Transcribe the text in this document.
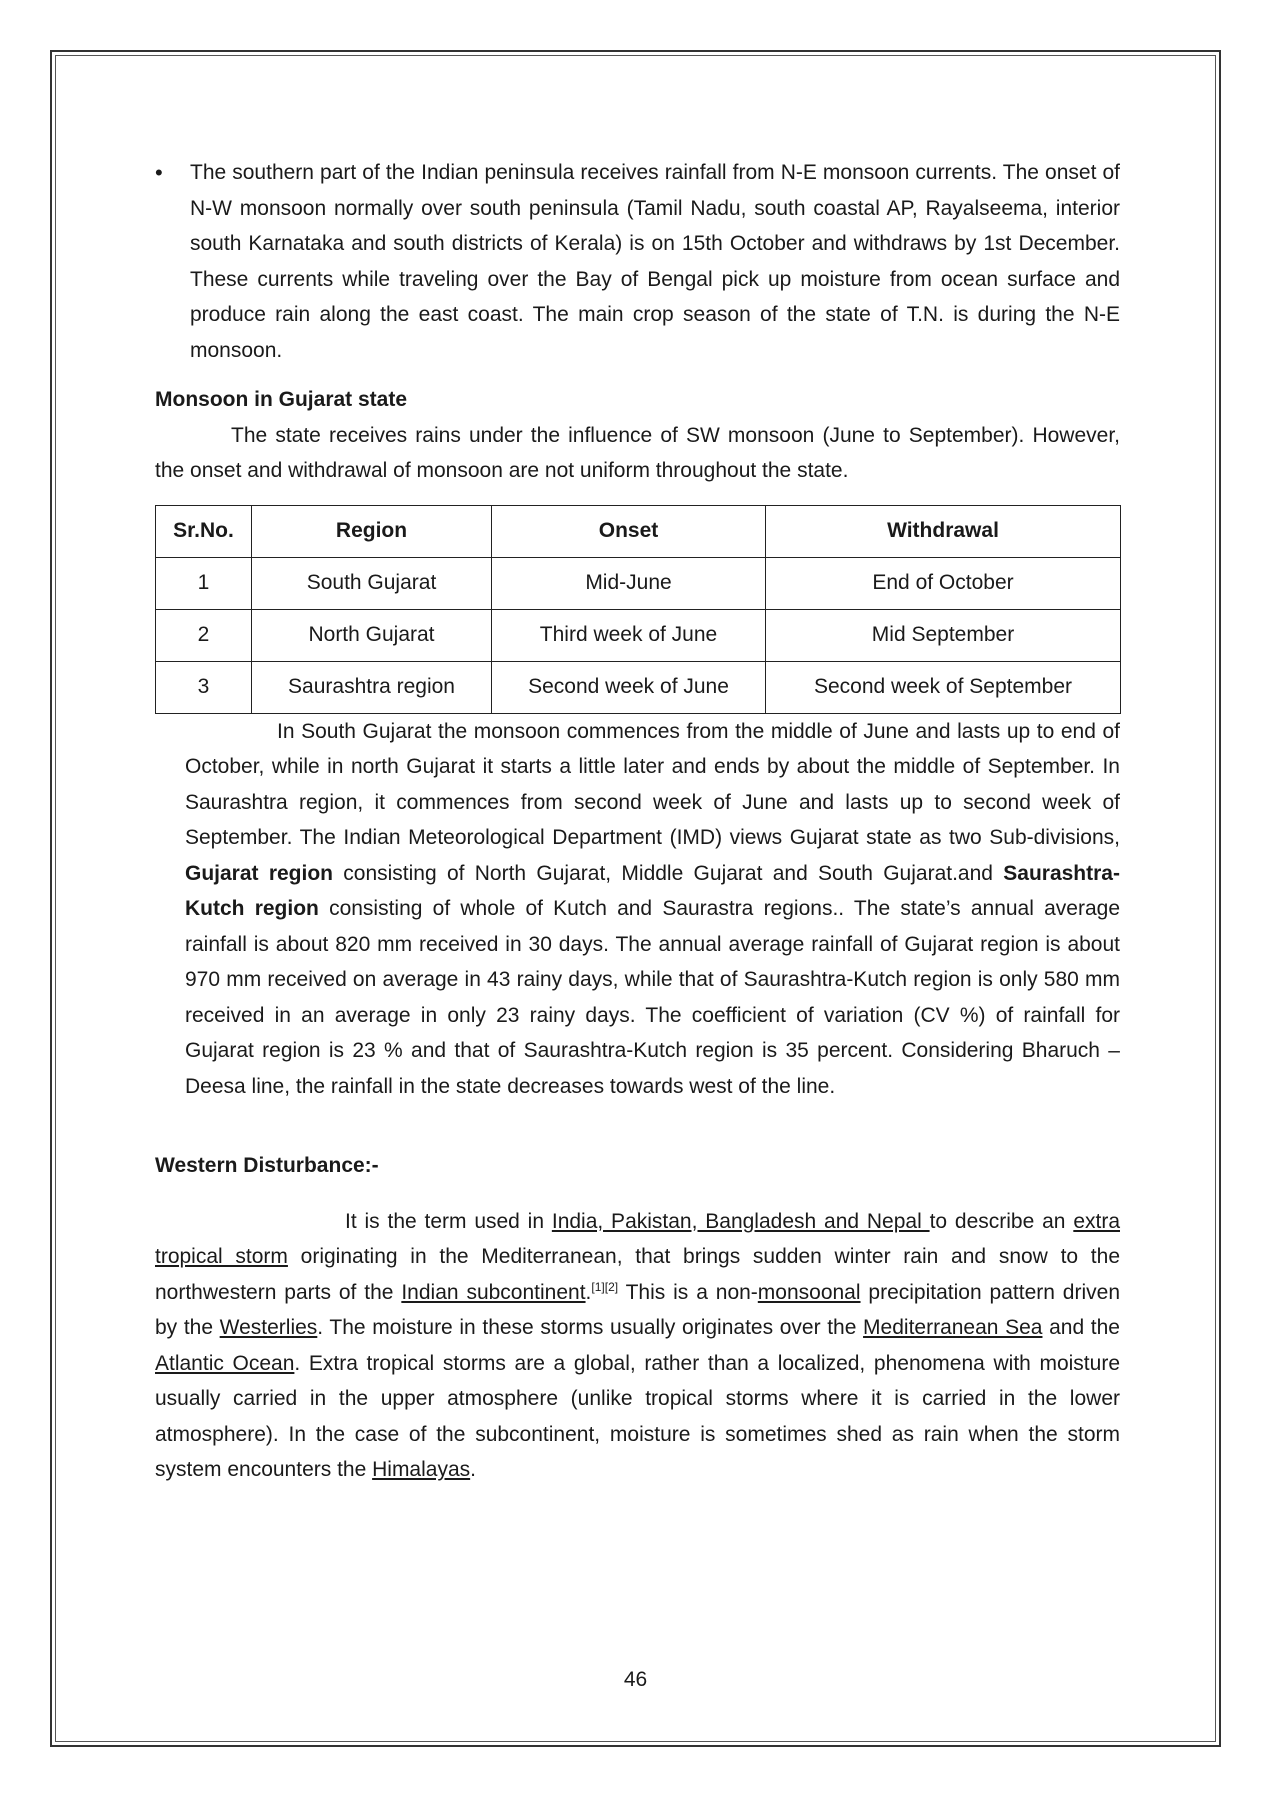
•	The southern part of the Indian peninsula receives rainfall from N-E monsoon currents. The onset of N-W monsoon normally over south peninsula (Tamil Nadu, south coastal AP, Rayalseema, interior south Karnataka and south districts of Kerala) is on 15th October and withdraws by 1st December. These currents while traveling over the Bay of Bengal pick up moisture from ocean surface and produce rain along the east coast. The main crop season of the state of T.N. is during the N-E monsoon.
Monsoon in Gujarat state
The state receives rains under the influence of SW monsoon (June to September). However, the onset and withdrawal of monsoon are not uniform throughout the state.
Sr.No.	Region	Onset	Withdrawal
1	South Gujarat	Mid-June	End of October
2	North Gujarat	Third week of June	Mid September
3	Saurashtra region	Second week of June	Second week of September
In South Gujarat the monsoon commences from the middle of June and lasts up to end of October, while in north Gujarat it starts a little later and ends by about the middle of September. In Saurashtra region, it commences from second week of June and lasts up to second week of September. The Indian Meteorological Department (IMD) views Gujarat state as two Sub-divisions, Gujarat region consisting of North Gujarat, Middle Gujarat and South Gujarat.and Saurashtra-Kutch region consisting of whole of Kutch and Saurastra regions.. The state’s annual average rainfall is about 820 mm received in 30 days. The annual average rainfall of Gujarat region is about 970 mm received on average in 43 rainy days, while that of Saurashtra-Kutch region is only 580 mm received in an average in only 23 rainy days. The coefficient of variation (CV %) of rainfall for Gujarat region is 23 % and that of Saurashtra-Kutch region is 35 percent. Considering Bharuch – Deesa line, the rainfall in the state decreases towards west of the line.
Western Disturbance:-
It is the term used in India, Pakistan, Bangladesh and Nepal to describe an extra tropical storm originating in the Mediterranean, that brings sudden winter rain and snow to the northwestern parts of the Indian subcontinent.[1][2] This is a non-monsoonal precipitation pattern driven by the Westerlies. The moisture in these storms usually originates over the Mediterranean Sea and the Atlantic Ocean. Extra tropical storms are a global, rather than a localized, phenomena with moisture usually carried in the upper atmosphere (unlike tropical storms where it is carried in the lower atmosphere). In the case of the subcontinent, moisture is sometimes shed as rain when the storm system encounters the Himalayas.
46
